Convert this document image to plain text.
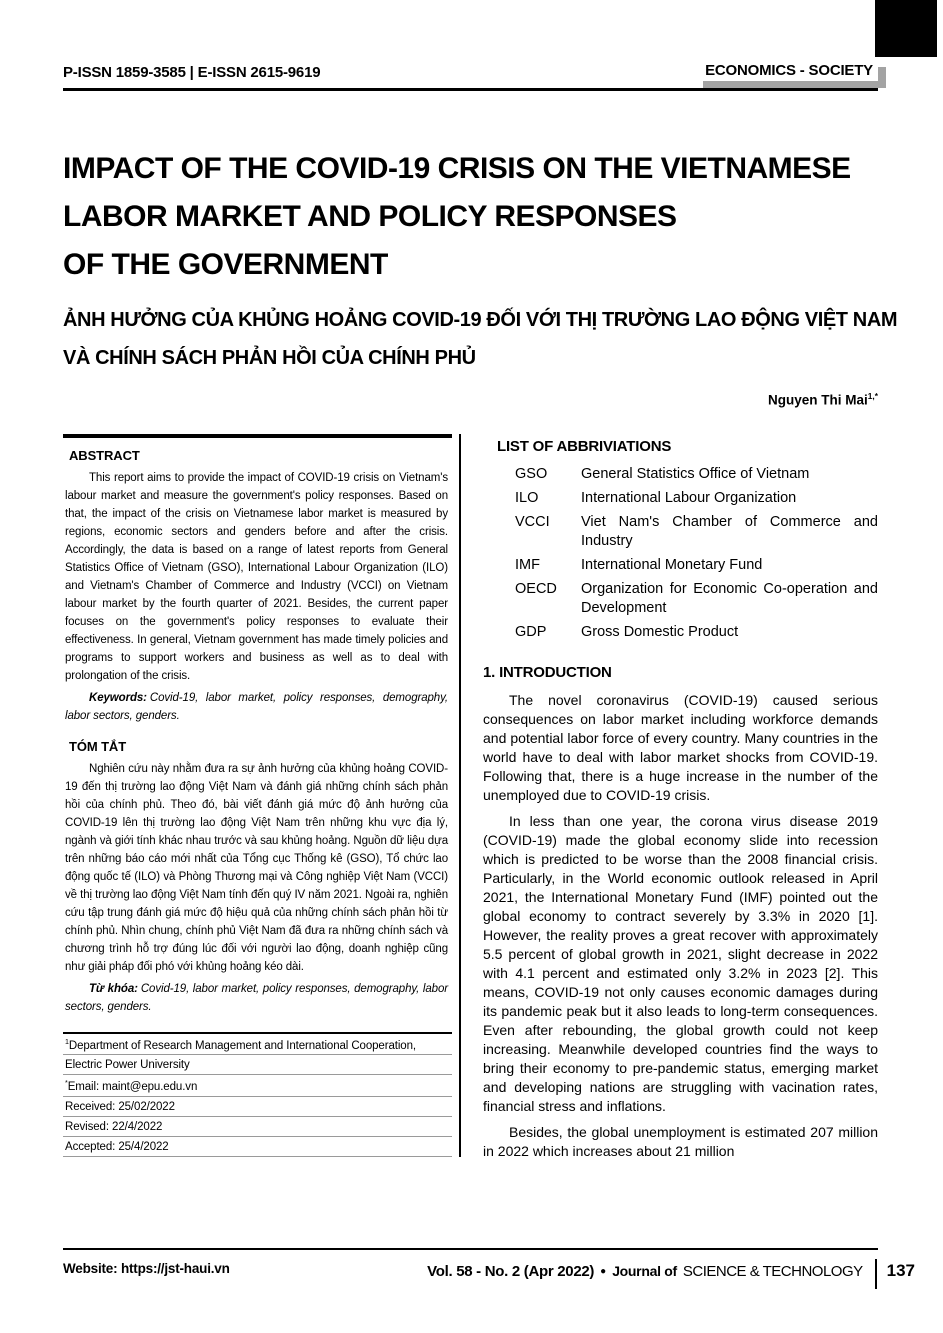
P-ISSN 1859-3585 | E-ISSN 2615-9619	ECONOMICS - SOCIETY
IMPACT OF THE COVID-19 CRISIS ON THE VIETNAMESE
LABOR MARKET AND POLICY RESPONSES
OF THE GOVERNMENT
ẢNH HƯỞNG CỦA KHỦNG HOẢNG COVID-19 ĐỐI VỚI THỊ TRƯỜNG LAO ĐỘNG VIỆT NAM
VÀ CHÍNH SÁCH PHẢN HỒI CỦA CHÍNH PHỦ
Nguyen Thi Mai$^{1,*}$
ABSTRACT

This report aims to provide the impact of COVID-19 crisis on Vietnam's labour market and measure the government's policy responses. Based on that, the impact of the crisis on Vietnamese labor market is measured by regions, economic sectors and genders before and after the crisis. Accordingly, the data is based on a range of latest reports from General Statistics Office of Vietnam (GSO), International Labour Organization (ILO) and Vietnam's Chamber of Commerce and Industry (VCCI) on Vietnam labour market by the fourth quarter of 2021. Besides, the current paper focuses on the government's policy responses to evaluate their effectiveness. In general, Vietnam government has made timely policies and programs to support workers and business as well as to deal with prolongation of the crisis.

Keywords: Covid-19, labor market, policy responses, demography, labor sectors, genders.

TÓM TẮT

Nghiên cứu này nhằm đưa ra sự ảnh hưởng của khủng hoảng COVID-19 đến thị trường lao động Việt Nam và đánh giá những chính sách phản hồi của chính phủ. Theo đó, bài viết đánh giá mức độ ảnh hưởng của COVID-19 lên thị trường lao động Việt Nam trên những khu vực địa lý, ngành và giới tính khác nhau trước và sau khủng hoảng. Nguồn dữ liệu dựa trên những báo cáo mới nhất của Tổng cục Thống kê (GSO), Tổ chức lao động quốc tế (ILO) và Phòng Thương mại và Công nghiệp Việt Nam (VCCI) về thị trường lao động Việt Nam tính đến quý IV năm 2021. Ngoài ra, nghiên cứu tập trung đánh giá mức độ hiệu quả của những chính sách phản hồi từ chính phủ. Nhìn chung, chính phủ Việt Nam đã đưa ra những chính sách và chương trình hỗ trợ đúng lúc đối với người lao động, doanh nghiệp cũng như giải pháp đối phó với khủng hoảng kéo dài.

Từ khóa: Covid-19, labor market, policy responses, demography, labor sectors, genders.

$^1$Department of Research Management and International Cooperation,
Electric Power University
*Email: maint@epu.edu.vn
Received: 25/02/2022
Revised: 22/4/2022
Accepted: 25/4/2022
LIST OF ABBRIVIATIONS
GSO	General Statistics Office of Vietnam
ILO	International Labour Organization
VCCI	Viet Nam's Chamber of Commerce and Industry
IMF	International Monetary Fund
OECD	Organization for Economic Co-operation and Development
GDP	Gross Domestic Product
1. INTRODUCTION

The novel coronavirus (COVID-19) caused serious consequences on labor market including workforce demands and potential labor force of every country. Many countries in the world have to deal with labor market shocks from COVID-19. Following that, there is a huge increase in the number of the unemployed due to COVID-19 crisis.

In less than one year, the corona virus disease 2019 (COVID-19) made the global economy slide into recession which is predicted to be worse than the 2008 financial crisis. Particularly, in the World economic outlook released in April 2021, the International Monetary Fund (IMF) pointed out the global economy to contract severely by 3.3% in 2020 [1]. However, the reality proves a great recover with approximately 5.5 percent of global growth in 2021, slight decrease in 2022 with 4.1 percent and estimated only 3.2% in 2023 [2]. This means, COVID-19 not only causes economic damages during its pandemic peak but it also leads to long-term consequences. Even after rebounding, the global growth could not keep increasing. Meanwhile developed countries find the ways to bring their economy to pre-pandemic status, emerging market and developing nations are struggling with vacination rates, financial stress and inflations.

Besides, the global unemployment is estimated 207 million in 2022 which increases about 21 million

Website: https://jst-haui.vn	Vol. 58 - No. 2 (Apr 2022) ● Journal of SCIENCE & TECHNOLOGY	137
